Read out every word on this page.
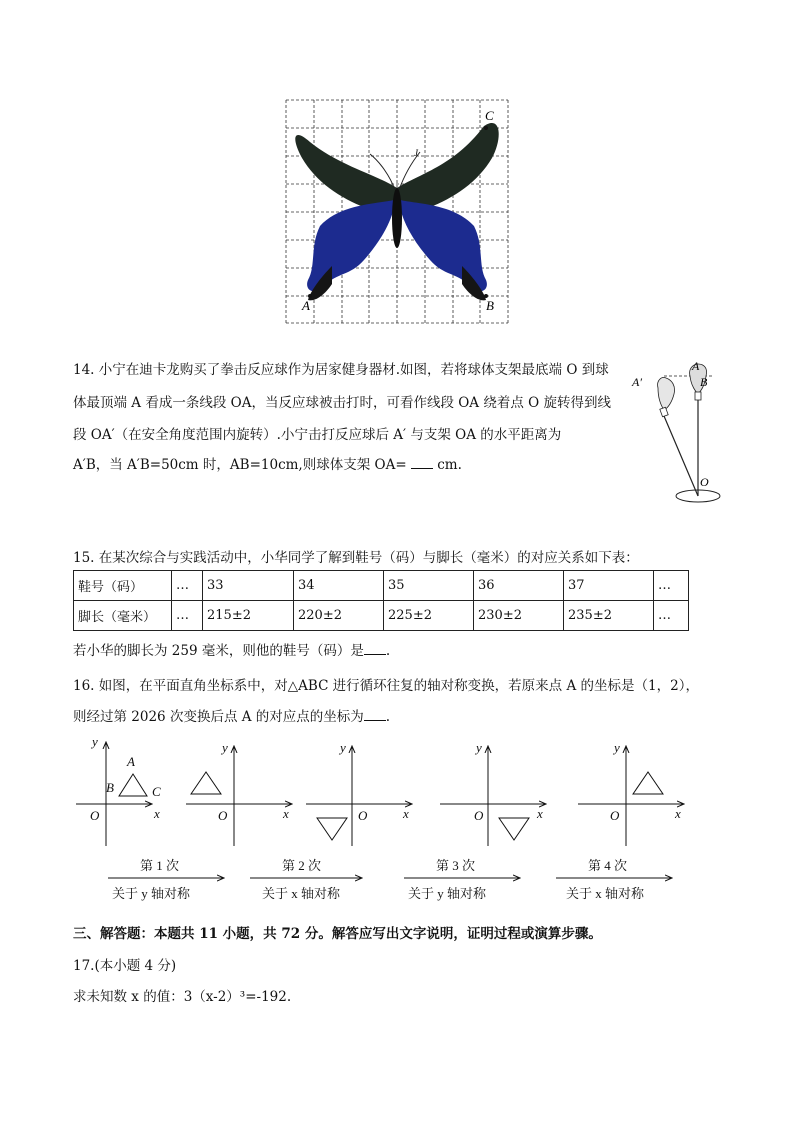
C
J
A	B
14. 小宁在迪卡龙购买了拳击反应球作为居家健身器材.如图，若将球体支架最底端 O 到球
体最顶端 A 看成一条线段 OA，当反应球被击打时，可看作线段 OA 绕着点 O 旋转得到线
段 OA′（在安全角度范围内旋转）.小宁击打反应球后 A′ 与支架 OA 的水平距离为
A′B，当 A′B=50cm 时，AB=10cm,则球体支架 OA= cm.
A
A′	B
O
15. 在某次综合与实践活动中，小华同学了解到鞋号（码）与脚长（毫米）的对应关系如下表：
鞋号（码）	…	33	34	35	36	37	…
脚长（毫米）	…	215±2	220±2	225±2	230±2	235±2	…
若小华的脚长为 259 毫米，则他的鞋号（码）是 .
16. 如图，在平面直角坐标系中，对△ABC 进行循环往复的轴对称变换，若原来点 A 的坐标是（1，2），
则经过第 2026 次变换后点 A 的对应点的坐标为 .
y
x
O
A
B	C
y
x
O
y
x
O
y
x
O
y
x
O
第 1 次
关于 y 轴对称
第 2 次
关于 x 轴对称
第 3 次
关于 y 轴对称
第 4 次
关于 x 轴对称
三、解答题：本题共 11 小题，共 72 分。解答应写出文字说明，证明过程或演算步骤。
17.(本小题 4 分)
求未知数 x 的值：3（x-2）³=-192.
